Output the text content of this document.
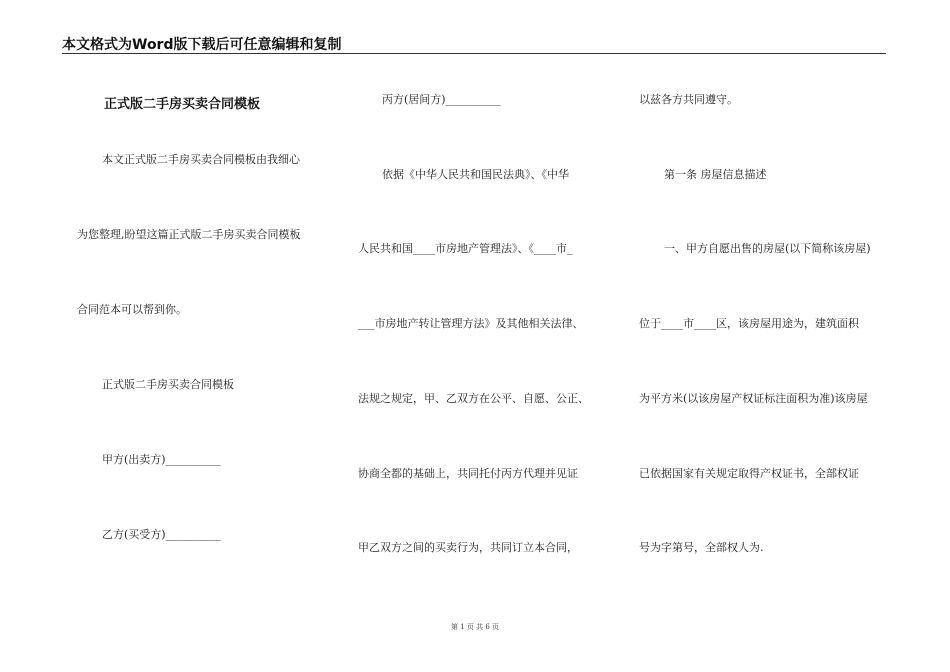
本文格式为Word版下载后可任意编辑和复制
正式版二手房买卖合同模板
本文正式版二手房买卖合同模板由我细心
为您整理,盼望这篇正式版二手房买卖合同模板
合同范本可以帮到你。
正式版二手房买卖合同模板
甲方(出卖方)__________
乙方(买受方)__________
丙方(居间方)__________
依据《中华人民共和国民法典》、《中华
人民共和国____市房地产管理法》、《____市_
___市房地产转让管理方法》及其他相关法律、
法规之规定，甲、乙双方在公平、自愿、公正、
协商全都的基础上，共同托付丙方代理并见证
甲乙双方之间的买卖行为，共同订立本合同，
以兹各方共同遵守。
第一条 房屋信息描述
一、甲方自愿出售的房屋(以下简称该房屋)
位于____市____区，该房屋用途为，建筑面积
为平方米(以该房屋产权证标注面积为准)该房屋
已依据国家有关规定取得产权证书，全部权证
号为字第号，全部权人为.
第 1 页 共 6 页
